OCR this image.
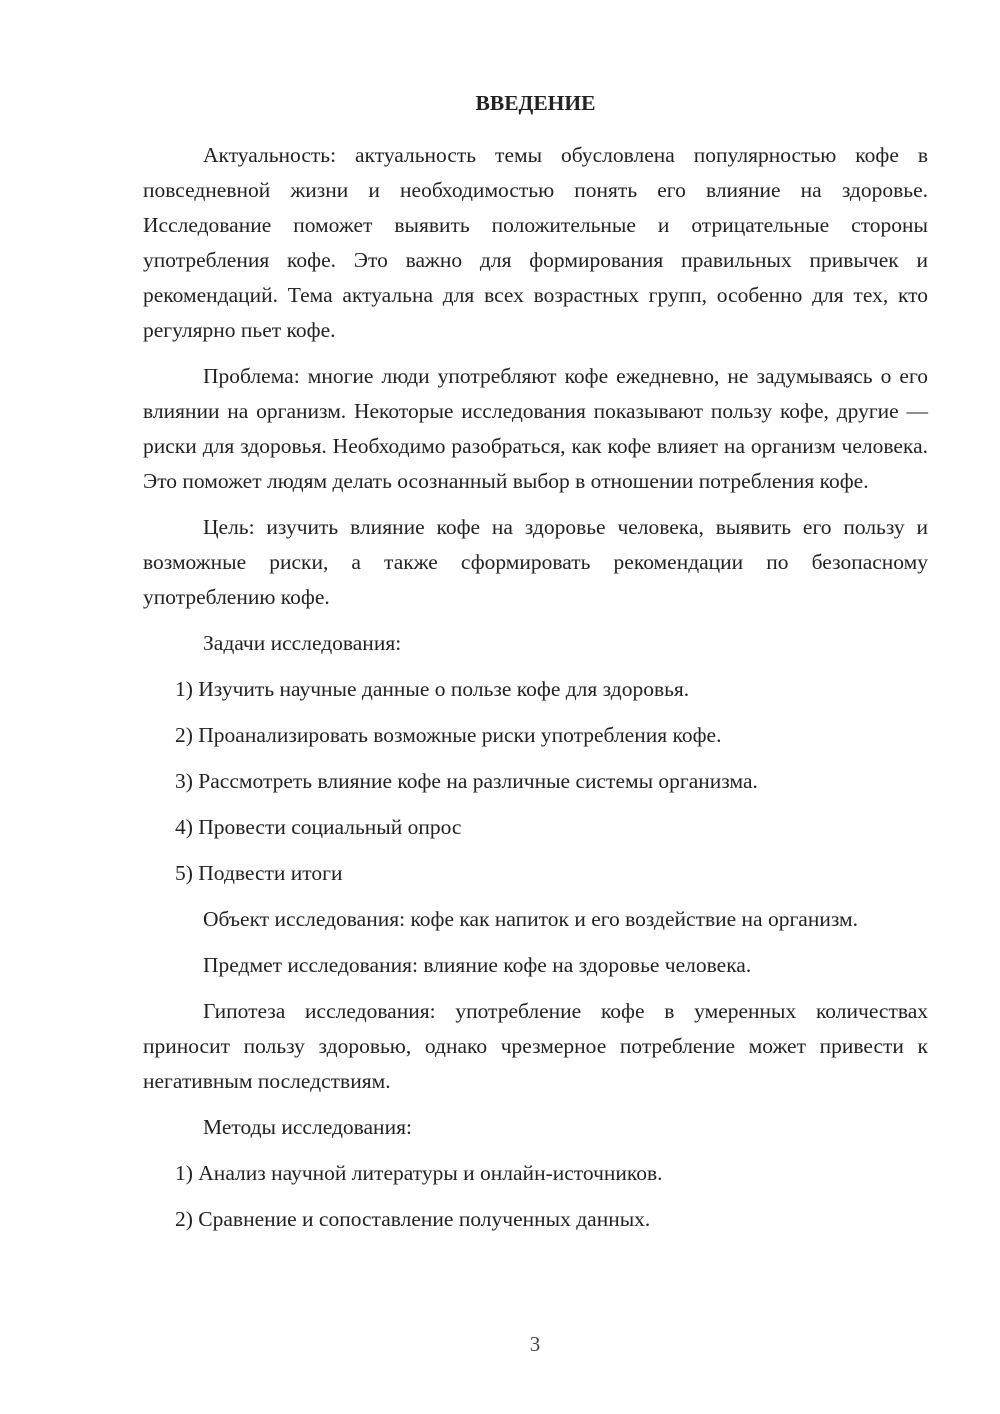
ВВЕДЕНИЕ

Актуальность: актуальность темы обусловлена популярностью кофе в повседневной жизни и необходимостью понять его влияние на здоровье. Исследование поможет выявить положительные и отрицательные стороны употребления кофе. Это важно для формирования правильных привычек и рекомендаций. Тема актуальна для всех возрастных групп, особенно для тех, кто регулярно пьет кофе.

Проблема: многие люди употребляют кофе ежедневно, не задумываясь о его влиянии на организм. Некоторые исследования показывают пользу кофе, другие — риски для здоровья. Необходимо разобраться, как кофе влияет на организм человека. Это поможет людям делать осознанный выбор в отношении потребления кофе.

Цель: изучить влияние кофе на здоровье человека, выявить его пользу и возможные риски, а также сформировать рекомендации по безопасному употреблению кофе.

Задачи исследования:

1) Изучить научные данные о пользе кофе для здоровья.
2) Проанализировать возможные риски употребления кофе.
3) Рассмотреть влияние кофе на различные системы организма.
4) Провести социальный опрос
5) Подвести итоги

Объект исследования: кофе как напиток и его воздействие на организм.

Предмет исследования: влияние кофе на здоровье человека.

Гипотеза исследования: употребление кофе в умеренных количествах приносит пользу здоровью, однако чрезмерное потребление может привести к негативным последствиям.

Методы исследования:

1) Анализ научной литературы и онлайн-источников.
2) Сравнение и сопоставление полученных данных.
3
